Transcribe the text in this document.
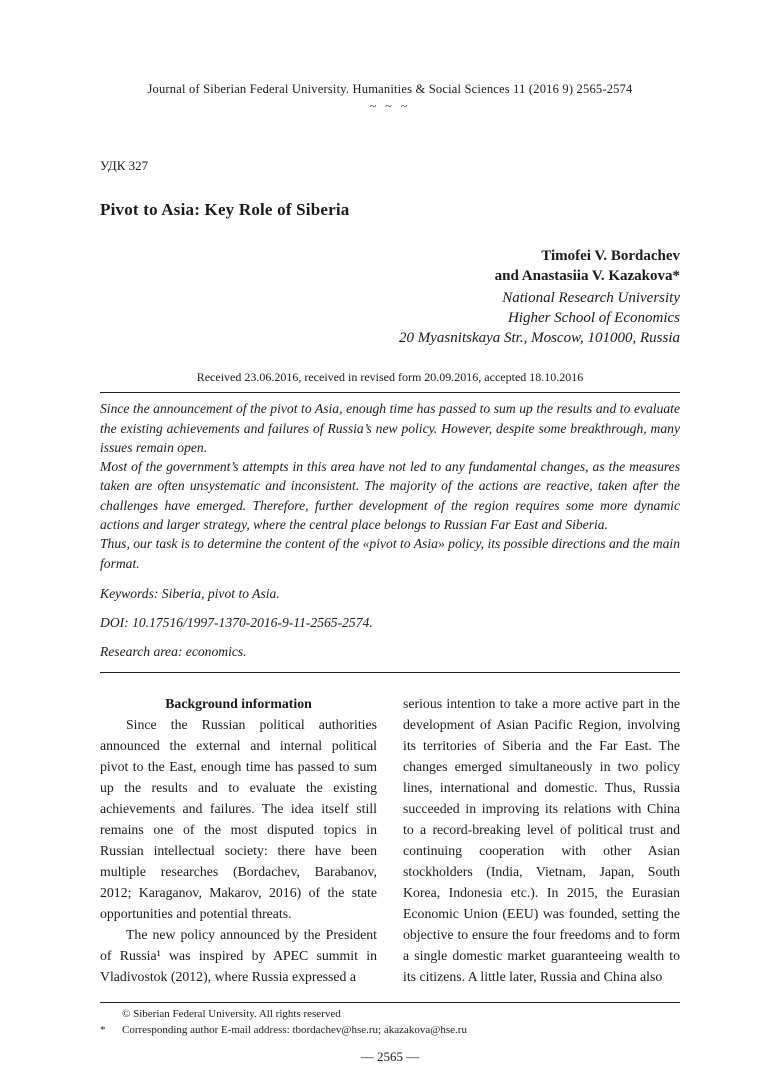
Journal of Siberian Federal University. Humanities & Social Sciences 11 (2016 9) 2565-2574
~ ~ ~
УДК 327
Pivot to Asia: Key Role of Siberia
Timofei V. Bordachev
and Anastasiia V. Kazakova*
National Research University
Higher School of Economics
20 Myasnitskaya Str., Moscow, 101000, Russia
Received 23.06.2016, received in revised form 20.09.2016, accepted 18.10.2016

Since the announcement of the pivot to Asia, enough time has passed to sum up the results and to evaluate the existing achievements and failures of Russia’s new policy. However, despite some breakthrough, many issues remain open.

Most of the government’s attempts in this area have not led to any fundamental changes, as the measures taken are often unsystematic and inconsistent. The majority of the actions are reactive, taken after the challenges have emerged. Therefore, further development of the region requires some more dynamic actions and larger strategy, where the central place belongs to Russian Far East and Siberia.

Thus, our task is to determine the content of the «pivot to Asia» policy, its possible directions and the main format.

Keywords: Siberia, pivot to Asia.

DOI: 10.17516/1997-1370-2016-9-11-2565-2574.

Research area: economics.

Background information

Since the Russian political authorities announced the external and internal political pivot to the East, enough time has passed to sum up the results and to evaluate the existing achievements and failures. The idea itself still remains one of the most disputed topics in Russian intellectual society: there have been multiple researches (Bordachev, Barabanov, 2012; Karaganov, Makarov, 2016) of the state opportunities and potential threats.

The new policy announced by the President of Russia¹ was inspired by APEC summit in Vladivostok (2012), where Russia expressed a

serious intention to take a more active part in the development of Asian Pacific Region, involving its territories of Siberia and the Far East. The changes emerged simultaneously in two policy lines, international and domestic. Thus, Russia succeeded in improving its relations with China to a record-breaking level of political trust and continuing cooperation with other Asian stockholders (India, Vietnam, Japan, South Korea, Indonesia etc.). In 2015, the Eurasian Economic Union (EEU) was founded, setting the objective to ensure the four freedoms and to form a single domestic market guaranteeing wealth to its citizens. A little later, Russia and China also

© Siberian Federal University. All rights reserved
*	Corresponding author E-mail address: tbordachev@hse.ru; akazakova@hse.ru
— 2565 —
